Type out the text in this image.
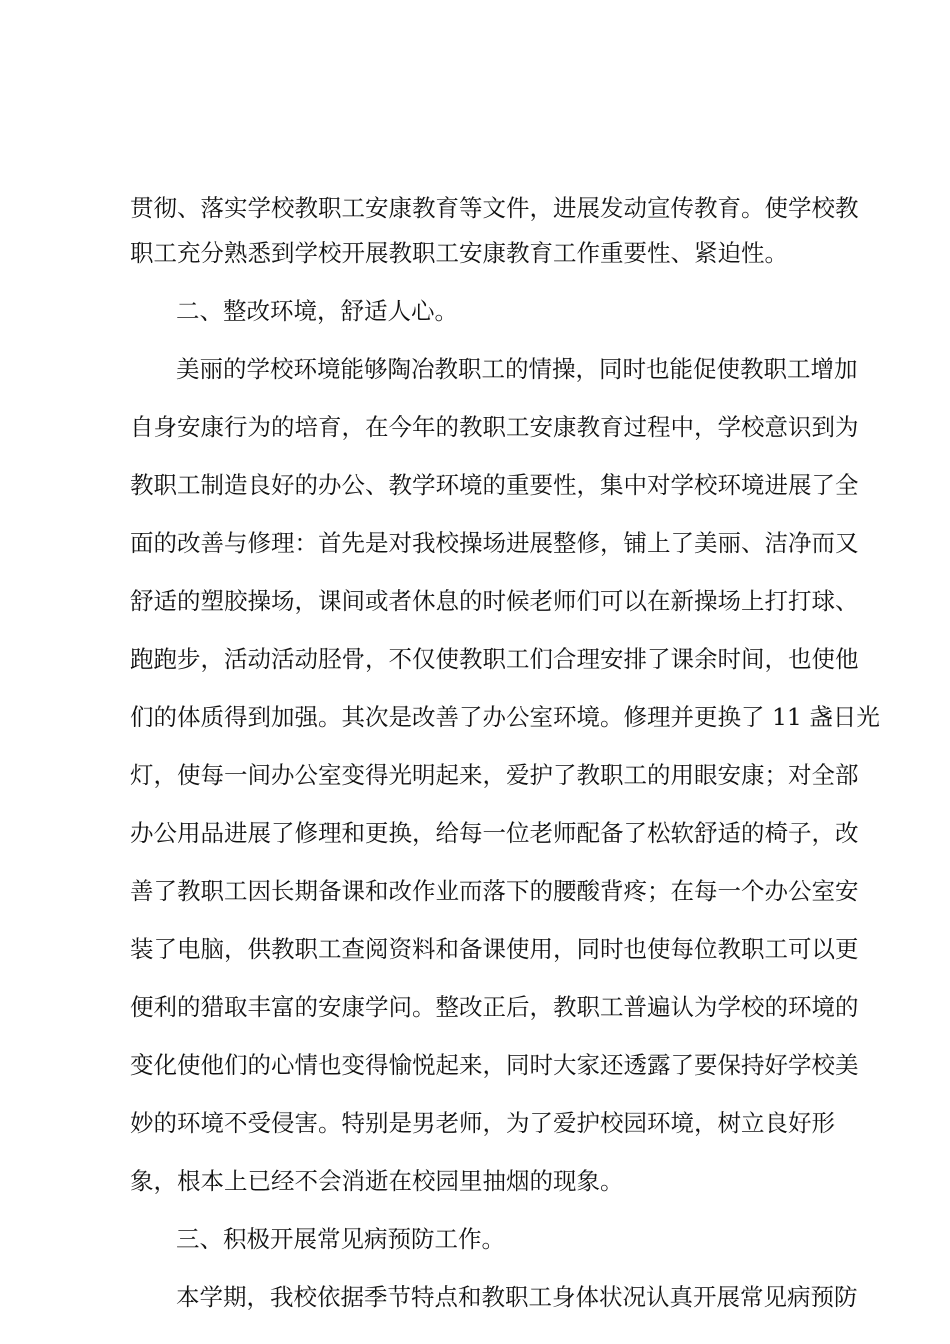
贯彻、落实学校教职工安康教育等文件，进展发动宣传教育。使学校教
职工充分熟悉到学校开展教职工安康教育工作重要性、紧迫性。
二、整改环境，舒适人心。
美丽的学校环境能够陶冶教职工的情操，同时也能促使教职工增加
自身安康行为的培育，在今年的教职工安康教育过程中，学校意识到为
教职工制造良好的办公、教学环境的重要性，集中对学校环境进展了全
面的改善与修理：首先是对我校操场进展整修，铺上了美丽、洁净而又
舒适的塑胶操场，课间或者休息的时候老师们可以在新操场上打打球、
跑跑步，活动活动胫骨，不仅使教职工们合理安排了课余时间，也使他
们的体质得到加强。其次是改善了办公室环境。修理并更换了 11 盏日光
灯，使每一间办公室变得光明起来，爱护了教职工的用眼安康；对全部
办公用品进展了修理和更换，给每一位老师配备了松软舒适的椅子，改
善了教职工因长期备课和改作业而落下的腰酸背疼；在每一个办公室安
装了电脑，供教职工查阅资料和备课使用，同时也使每位教职工可以更
便利的猎取丰富的安康学问。整改正后，教职工普遍认为学校的环境的
变化使他们的心情也变得愉悦起来，同时大家还透露了要保持好学校美
妙的环境不受侵害。特别是男老师，为了爱护校园环境，树立良好形
象，根本上已经不会消逝在校园里抽烟的现象。
三、积极开展常见病预防工作。
本学期，我校依据季节特点和教职工身体状况认真开展常见病预防
